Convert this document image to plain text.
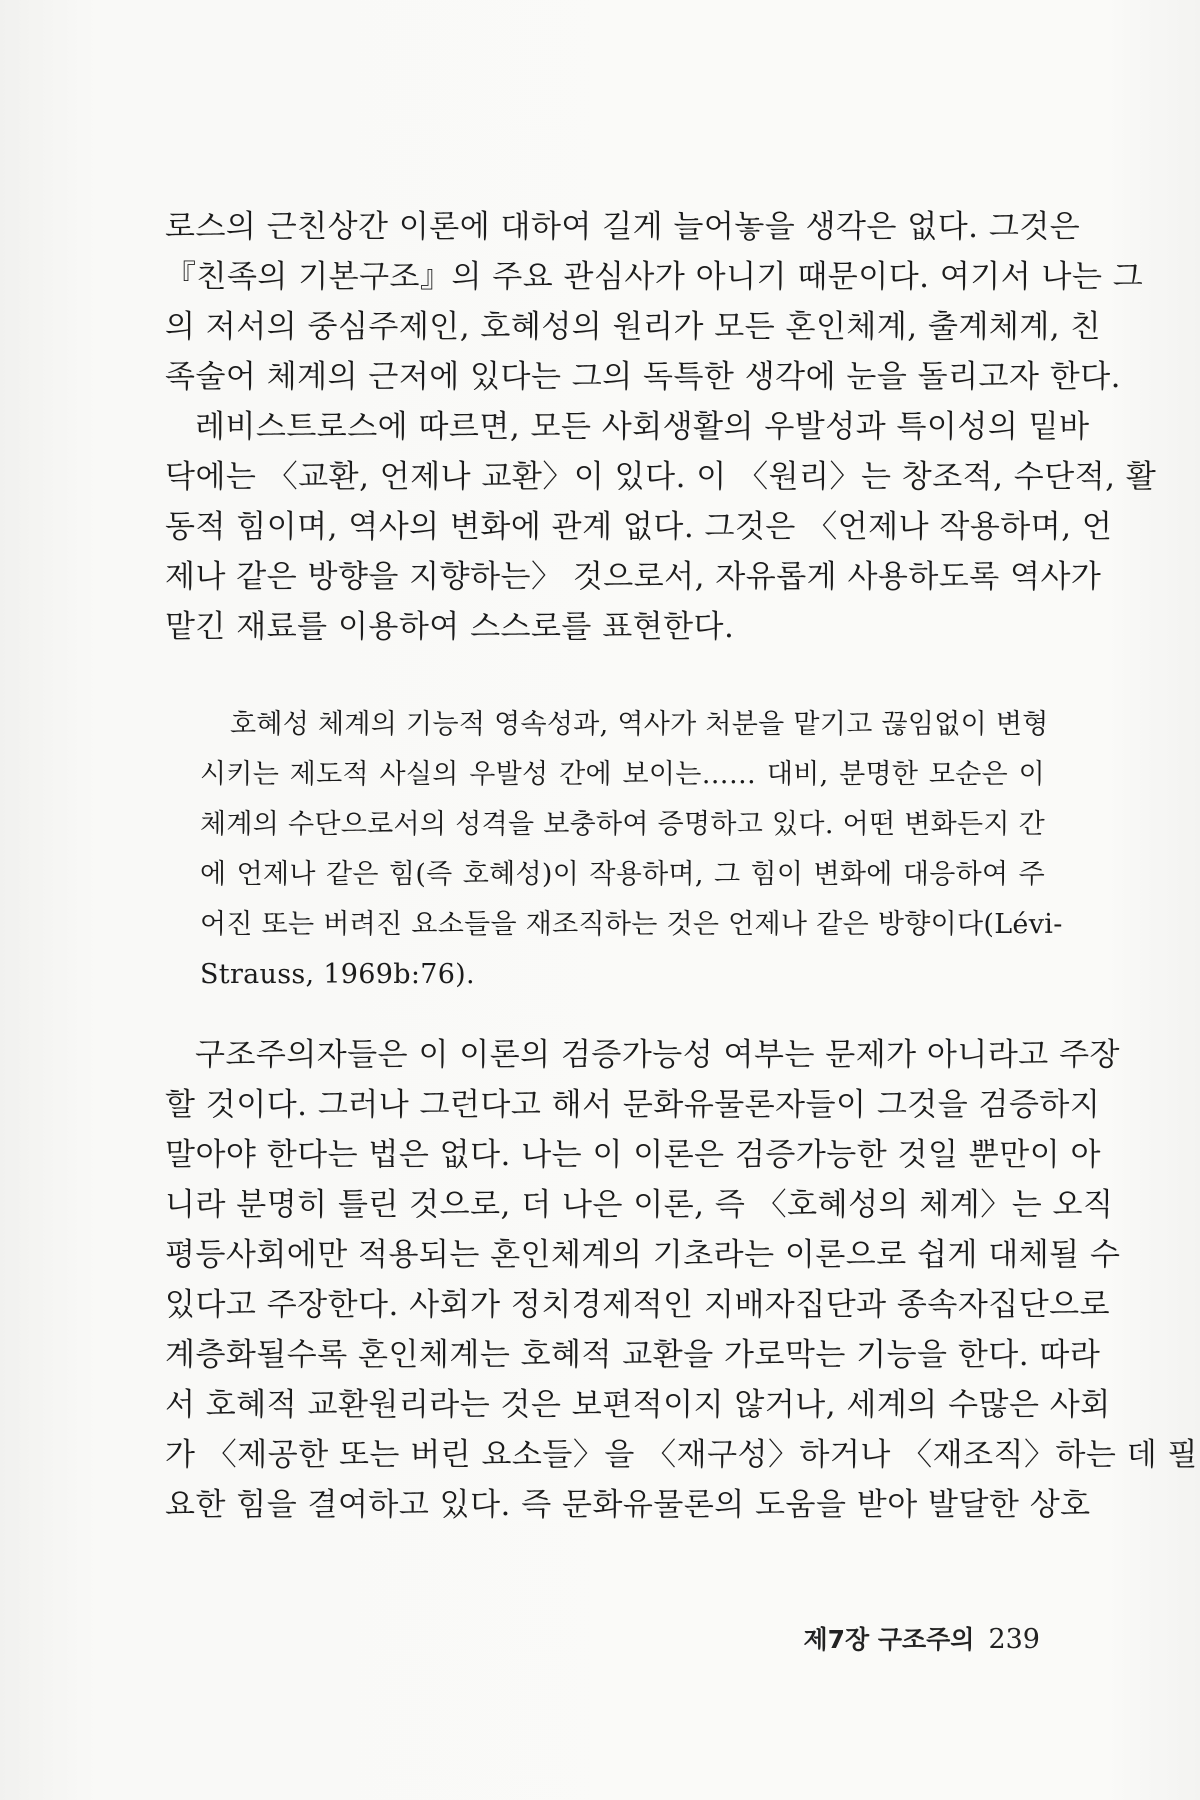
로스의 근친상간 이론에 대하여 길게 늘어놓을 생각은 없다. 그것은
『친족의 기본구조』의 주요 관심사가 아니기 때문이다. 여기서 나는 그
의 저서의 중심주제인, 호혜성의 원리가 모든 혼인체계, 출계체계, 친
족술어 체계의 근저에 있다는 그의 독특한 생각에 눈을 돌리고자 한다.
레비스트로스에 따르면, 모든 사회생활의 우발성과 특이성의 밑바
닥에는 〈교환, 언제나 교환〉이 있다. 이 〈원리〉는 창조적, 수단적, 활
동적 힘이며, 역사의 변화에 관계 없다. 그것은 〈언제나 작용하며, 언
제나 같은 방향을 지향하는〉 것으로서, 자유롭게 사용하도록 역사가
맡긴 재료를 이용하여 스스로를 표현한다.
호혜성 체계의 기능적 영속성과, 역사가 처분을 맡기고 끊임없이 변형
시키는 제도적 사실의 우발성 간에 보이는…… 대비, 분명한 모순은 이
체계의 수단으로서의 성격을 보충하여 증명하고 있다. 어떤 변화든지 간
에 언제나 같은 힘(즉 호혜성)이 작용하며, 그 힘이 변화에 대응하여 주
어진 또는 버려진 요소들을 재조직하는 것은 언제나 같은 방향이다(Lévi-
Strauss, 1969b:76).
구조주의자들은 이 이론의 검증가능성 여부는 문제가 아니라고 주장
할 것이다. 그러나 그런다고 해서 문화유물론자들이 그것을 검증하지
말아야 한다는 법은 없다. 나는 이 이론은 검증가능한 것일 뿐만이 아
니라 분명히 틀린 것으로, 더 나은 이론, 즉 〈호혜성의 체계〉는 오직
평등사회에만 적용되는 혼인체계의 기초라는 이론으로 쉽게 대체될 수
있다고 주장한다. 사회가 정치경제적인 지배자집단과 종속자집단으로
계층화될수록 혼인체계는 호혜적 교환을 가로막는 기능을 한다. 따라
서 호혜적 교환원리라는 것은 보편적이지 않거나, 세계의 수많은 사회
가 〈제공한 또는 버린 요소들〉을 〈재구성〉하거나 〈재조직〉하는 데 필
요한 힘을 결여하고 있다. 즉 문화유물론의 도움을 받아 발달한 상호
제7장 구조주의 239
